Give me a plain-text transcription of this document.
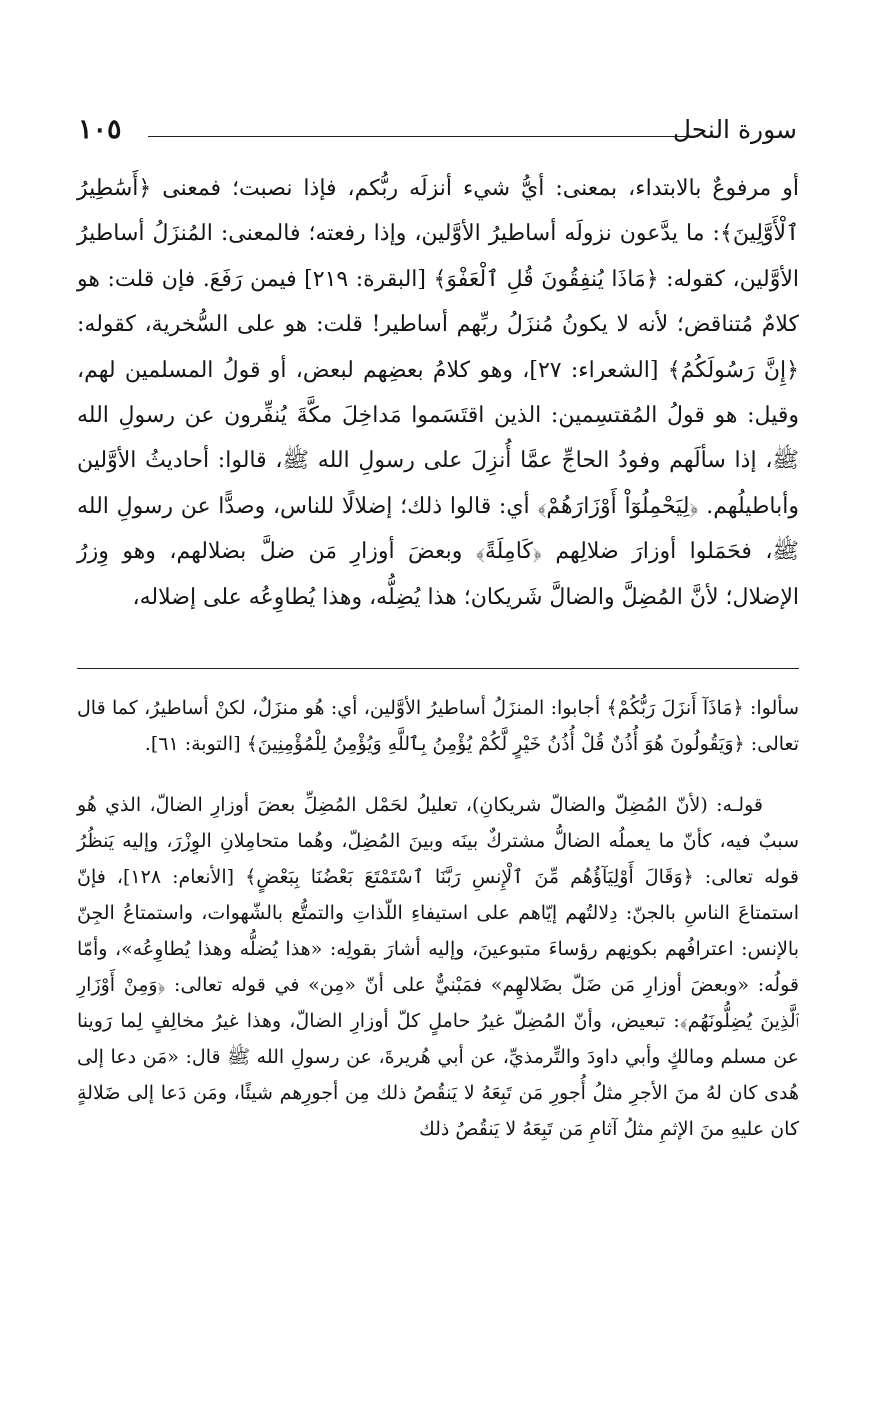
سورة النحل
١٠٥

أو مرفوعٌ بالابتداء، بمعنى: أيُّ شيء أنزلَه ربُّكم، فإذا نصبت؛ فمعنى ﴿أَسَٰطِيرُ ٱلْأَوَّلِينَ﴾: ما يدَّعون نزولَه أساطيرُ الأوَّلين، وإذا رفعته؛ فالمعنى: المُنزَلُ أساطيرُ الأوَّلين، كقوله: ﴿مَاذَا يُنفِقُونَ قُلِ ٱلْعَفْوَ﴾ [البقرة: ٢١٩] فيمن رَفَعَ. فإن قلت: هو كلامٌ مُتناقض؛ لأنه لا يكونُ مُنزَلُ ربِّهم أساطير! قلت: هو على السُّخرية، كقوله: ﴿إِنَّ رَسُولَكُمُ﴾ [الشعراء: ٢٧]، وهو كلامُ بعضِهم لبعض، أو قولُ المسلمين لهم، وقيل: هو قولُ المُقتسِمين: الذين اقتَسَموا مَداخِلَ مكَّةَ يُنفِّرون عن رسولِ الله ﷺ، إذا سألَهم وفودُ الحاجِّ عمَّا أُنزِلَ على رسولِ الله ﷺ، قالوا: أحاديثُ الأوَّلين وأباطيلُهم. ﴿لِيَحْمِلُوٓاْ أَوْزَارَهُمْ﴾ أي: قالوا ذلك؛ إضلالًا للناس، وصدًّا عن رسولِ الله ﷺ، فحَمَلوا أوزارَ ضلالِهم ﴿كَامِلَةً﴾ وبعضَ أوزارِ مَن ضلَّ بضلالهم، وهو وِزرُ الإضلال؛ لأنَّ المُضِلَّ والضالَّ شَريكان؛ هذا يُضِلُّه، وهذا يُطاوِعُه على إضلاله،

سألوا: ﴿مَاذَآ أَنزَلَ رَبُّكُمْ﴾ أجابوا: المنزَلُ أساطيرُ الأوَّلين، أي: هُو منزَلٌ، لكنْ أساطيرُ، كما قال تعالى: ﴿وَيَقُولُونَ هُوَ أُذُنٌ قُلْ أُذُنُ خَيْرٍ لَّكُمْ يُؤْمِنُ بِٱللَّهِ وَيُؤْمِنُ لِلْمُؤْمِنِينَ﴾ [التوبة: ٦١].

قولـه: (لأنّ المُضِلّ والضالّ شريكانِ)، تعليلُ لحَمْل المُضِلِّ بعضَ أوزارِ الضالّ، الذي هُو سببٌ فيه، كأنّ ما يعملُه الضالُّ مشتركٌ بينَه وبينَ المُضِلّ، وهُما متحامِلانِ الوِزْرَ، وإليه يَنظُرُ قوله تعالى: ﴿وَقَالَ أَوْلِيَآؤُهُم مِّنَ ٱلْإِنسِ رَبَّنَا ٱسْتَمْتَعَ بَعْضُنَا بِبَعْضٍ﴾ [الأنعام: ١٢٨]، فإنّ استمتاعَ الناسِ بالجنّ: دِلالتُهم إيّاهم على استيفاءِ اللّذاتِ والتمتُّع بالشّهوات، واستمتاعُ الجِنّ بالإنس: اعترافُهم بكونِهم رؤساءَ متبوعينَ، وإليه أشارَ بقولِه: «هذا يُضلُّه وهذا يُطاوِعُه»، وأمّا قولُه: «وبعضَ أوزارِ مَن ضَلّ بضَلالهِم» فمَبْنيٌّ على أنّ «مِن» في قوله تعالى: ﴿وَمِنْ أَوْزَارِ ٱلَّذِينَ يُضِلُّونَهُم﴾: تبعيض، وأنّ المُضِلّ غيرُ حاملٍ كلّ أوزارِ الضالّ، وهذا غيرُ مخالِفٍ لِما رَوينا عن مسلم ومالكٍ وأبي داودَ والتِّرمذيِّ، عن أبي هُريرةَ، عن رسولِ الله ﷺ قال: «مَن دعا إلى هُدى كان لهُ منَ الأجرِ مثلُ أُجورِ مَن تَبِعَهُ لا يَنقُصُ ذلك مِن أجورِهم شيئًا، ومَن دَعا إلى ضَلالةٍ كان عليهِ منَ الإثمِ مثلُ آثامِ مَن تَبِعَهُ لا يَنقُصُ ذلك
